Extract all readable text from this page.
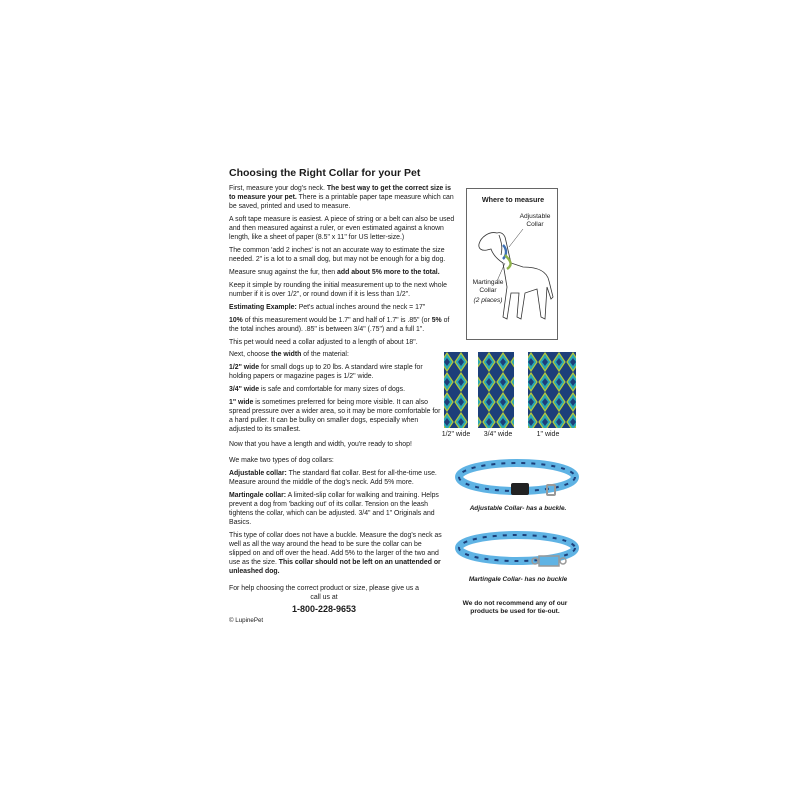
Choosing the Right Collar for your Pet

First, measure your dog's neck. The best way to get the correct size is to measure your pet. There is a printable paper tape measure which can be saved, printed and used to measure.

A soft tape measure is easiest. A piece of string or a belt can also be used and then measured against a ruler, or even estimated against a known length, like a sheet of paper (8.5" x 11" for US letter-size.)

The common 'add 2 inches' is not an accurate way to estimate the size needed. 2" is a lot to a small dog, but may not be enough for a big dog.

Measure snug against the fur, then add about 5% more to the total.

Keep it simple by rounding the initial measurement up to the next whole number if it is over 1/2", or round down if it is less than 1/2".

Estimating Example: Pet's actual inches around the neck = 17"

10% of this measurement would be 1.7" and half of 1.7" is .85" (or 5% of the total inches around). .85" is between 3/4" (.75") and a full 1".

This pet would need a collar adjusted to a length of about 18".

Where to measure
Adjustable Collar
Martingale Collar
(2 places)

Next, choose the width of the material:

1/2" wide for small dogs up to 20 lbs. A standard wire staple for holding papers or magazine pages is 1/2" wide.

3/4" wide is safe and comfortable for many sizes of dogs.

1" wide is sometimes preferred for being more visible. It can also spread pressure over a wider area, so it may be more comfortable for a hard puller. It can be bulky on smaller dogs, especially when adjusted to its smallest.

Now that you have a length and width, you're ready to shop!

1/2" wide	3/4" wide	1" wide

We make two types of dog collars:

Adjustable collar: The standard flat collar. Best for all-the-time use. Measure around the middle of the dog's neck. Add 5% more.

Martingale collar: A limited-slip collar for walking and training. Helps prevent a dog from 'backing out' of its collar. Tension on the leash tightens the collar, which can be adjusted. 3/4" and 1" Originals and Basics.

This type of collar does not have a buckle. Measure the dog's neck as well as all the way around the head to be sure the collar can be slipped on and off over the head. Add 5% to the larger of the two and use as the size. This collar should not be left on an unattended or unleashed dog.

Adjustable Collar- has a buckle.
Martingale Collar- has no buckle
We do not recommend any of our products be used for tie-out.
For help choosing the correct product or size, please give us a call us at
1-800-228-9653
© LupinePet
